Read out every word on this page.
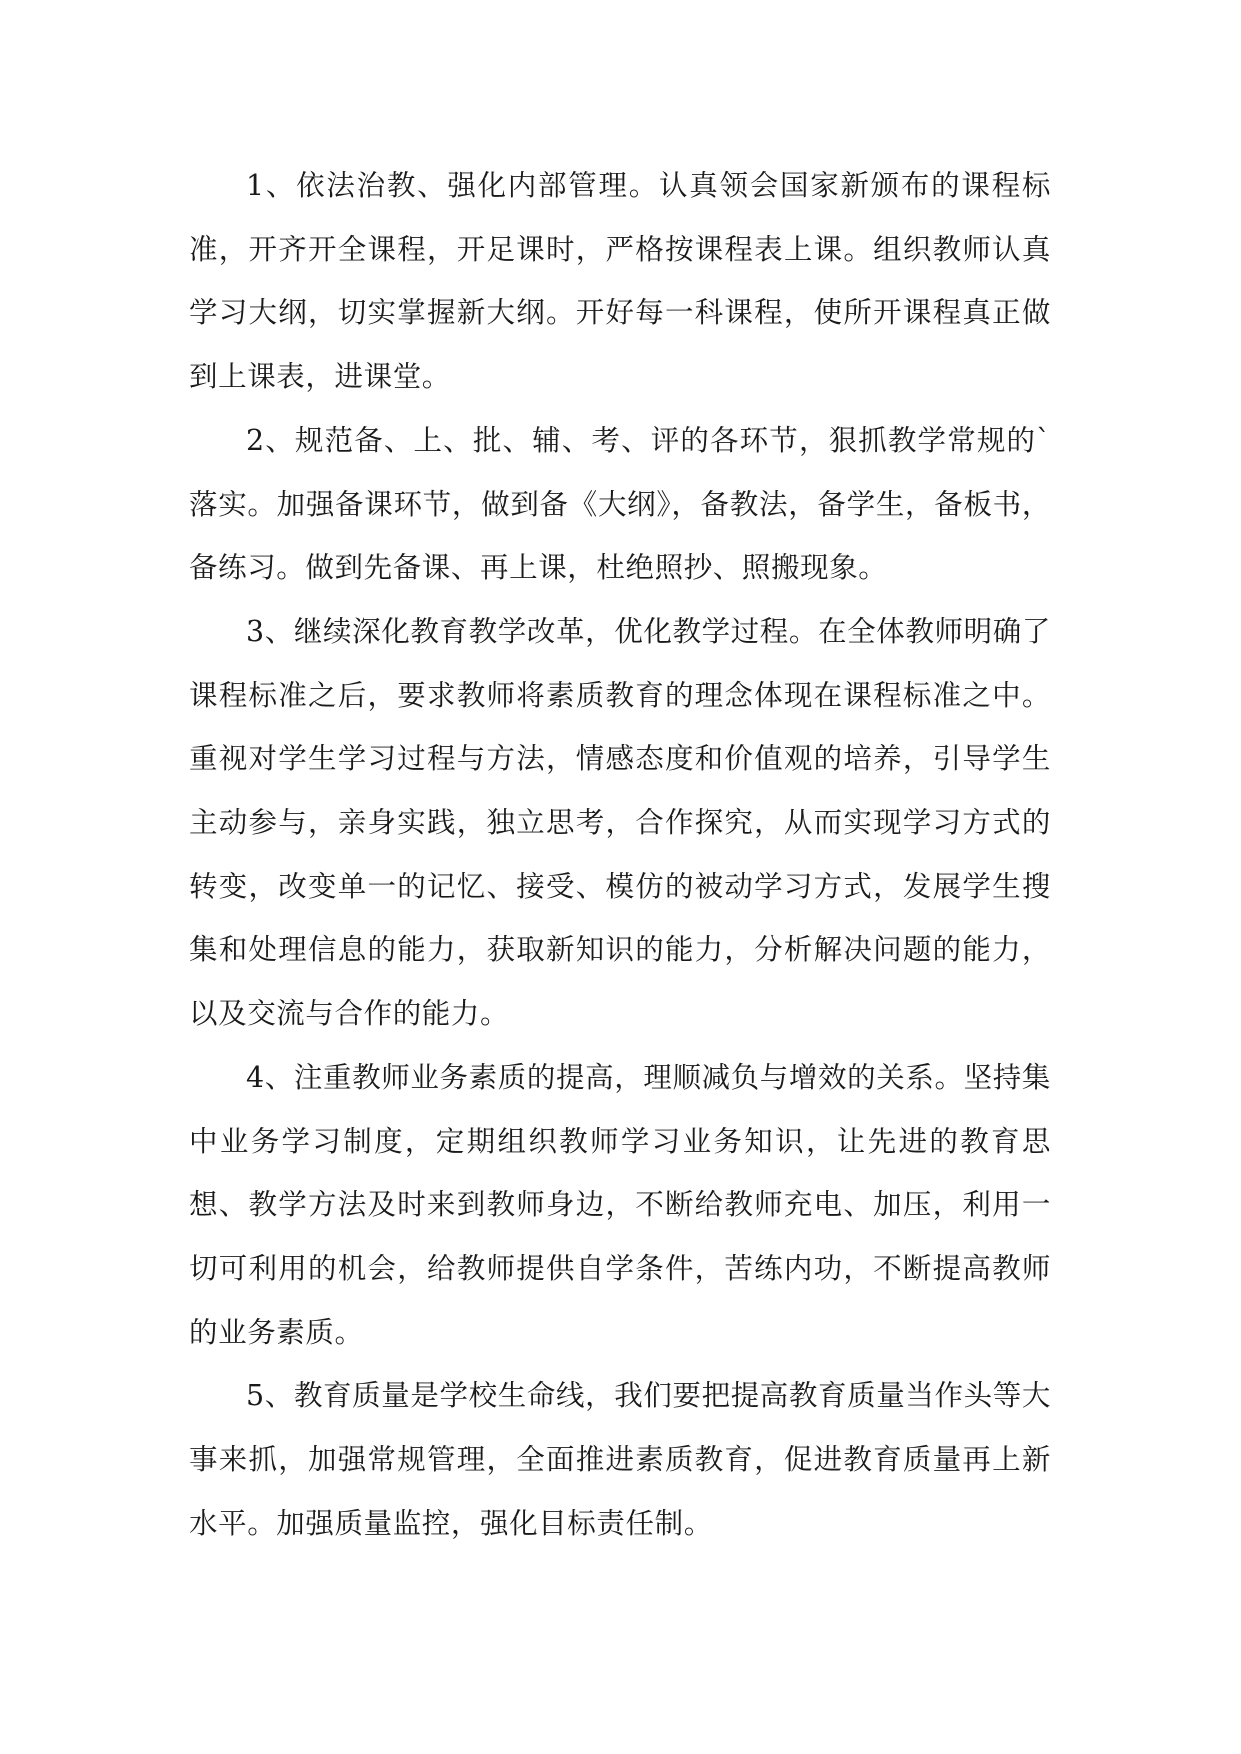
1、依法治教、强化内部管理。认真领会国家新颁布的课程标准，开齐开全课程，开足课时，严格按课程表上课。组织教师认真学习大纲，切实掌握新大纲。开好每一科课程，使所开课程真正做到上课表，进课堂。

2、规范备、上、批、辅、考、评的各环节，狠抓教学常规的`落实。加强备课环节，做到备《大纲》，备教法，备学生，备板书，备练习。做到先备课、再上课，杜绝照抄、照搬现象。

3、继续深化教育教学改革，优化教学过程。在全体教师明确了课程标准之后，要求教师将素质教育的理念体现在课程标准之中。重视对学生学习过程与方法，情感态度和价值观的培养，引导学生主动参与，亲身实践，独立思考，合作探究，从而实现学习方式的转变，改变单一的记忆、接受、模仿的被动学习方式，发展学生搜集和处理信息的能力，获取新知识的能力，分析解决问题的能力，以及交流与合作的能力。

4、注重教师业务素质的提高，理顺减负与增效的关系。坚持集中业务学习制度，定期组织教师学习业务知识，让先进的教育思想、教学方法及时来到教师身边，不断给教师充电、加压，利用一切可利用的机会，给教师提供自学条件，苦练内功，不断提高教师的业务素质。

5、教育质量是学校生命线，我们要把提高教育质量当作头等大事来抓，加强常规管理，全面推进素质教育，促进教育质量再上新水平。加强质量监控，强化目标责任制。
